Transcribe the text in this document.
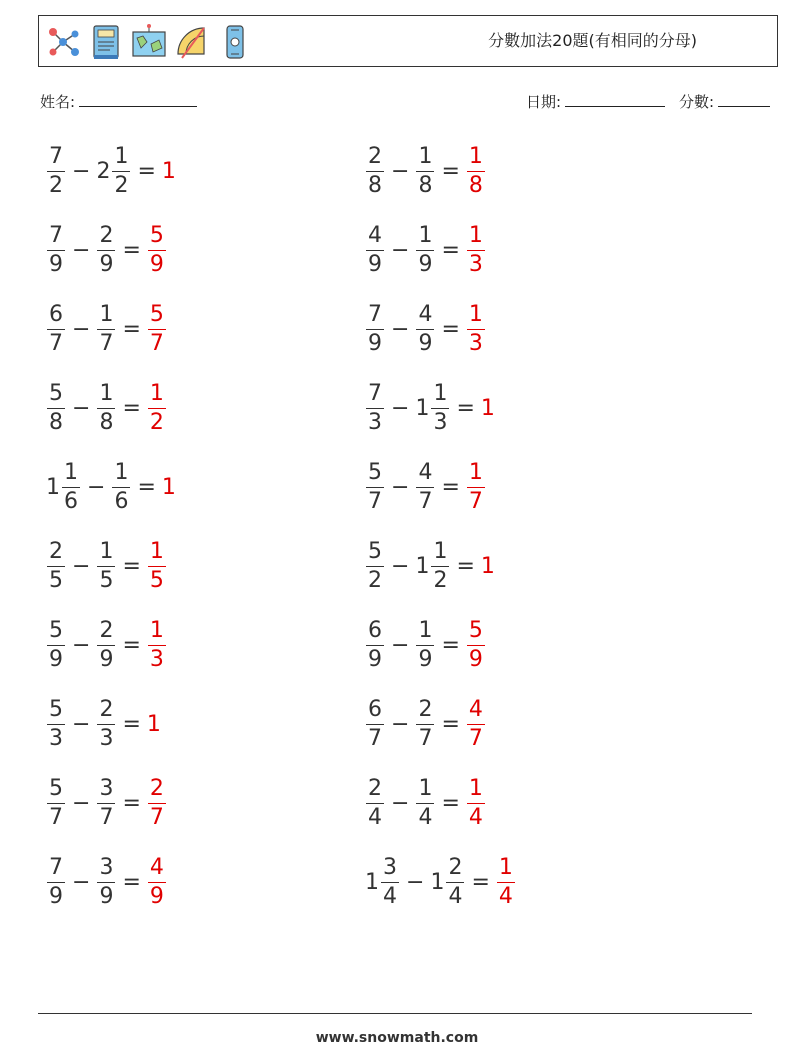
分數加法20題(有相同的分母)
姓名:	日期:	分數:
$\frac{7}{2} - 2 \frac{1}{2} = 1$	$\frac{2}{8} - \frac{1}{8} = \frac{1}{8}$
$\frac{7}{9} - \frac{2}{9} = \frac{5}{9}$	$\frac{4}{9} - \frac{1}{9} = \frac{1}{3}$
$\frac{6}{7} - \frac{1}{7} = \frac{5}{7}$	$\frac{7}{9} - \frac{4}{9} = \frac{1}{3}$
$\frac{5}{8} - \frac{1}{8} = \frac{1}{2}$	$\frac{7}{3} - 1 \frac{1}{3} = 1$
$1 \frac{1}{6} - \frac{1}{6} = 1$	$\frac{5}{7} - \frac{4}{7} = \frac{1}{7}$
$\frac{2}{5} - \frac{1}{5} = \frac{1}{5}$	$\frac{5}{2} - 1 \frac{1}{2} = 1$
$\frac{5}{9} - \frac{2}{9} = \frac{1}{3}$	$\frac{6}{9} - \frac{1}{9} = \frac{5}{9}$
$\frac{5}{3} - \frac{2}{3} = 1$	$\frac{6}{7} - \frac{2}{7} = \frac{4}{7}$
$\frac{5}{7} - \frac{3}{7} = \frac{2}{7}$	$\frac{2}{4} - \frac{1}{4} = \frac{1}{4}$
$\frac{7}{9} - \frac{3}{9} = \frac{4}{9}$	$1 \frac{3}{4} - 1 \frac{2}{4} = \frac{1}{4}$
www.snowmath.com
